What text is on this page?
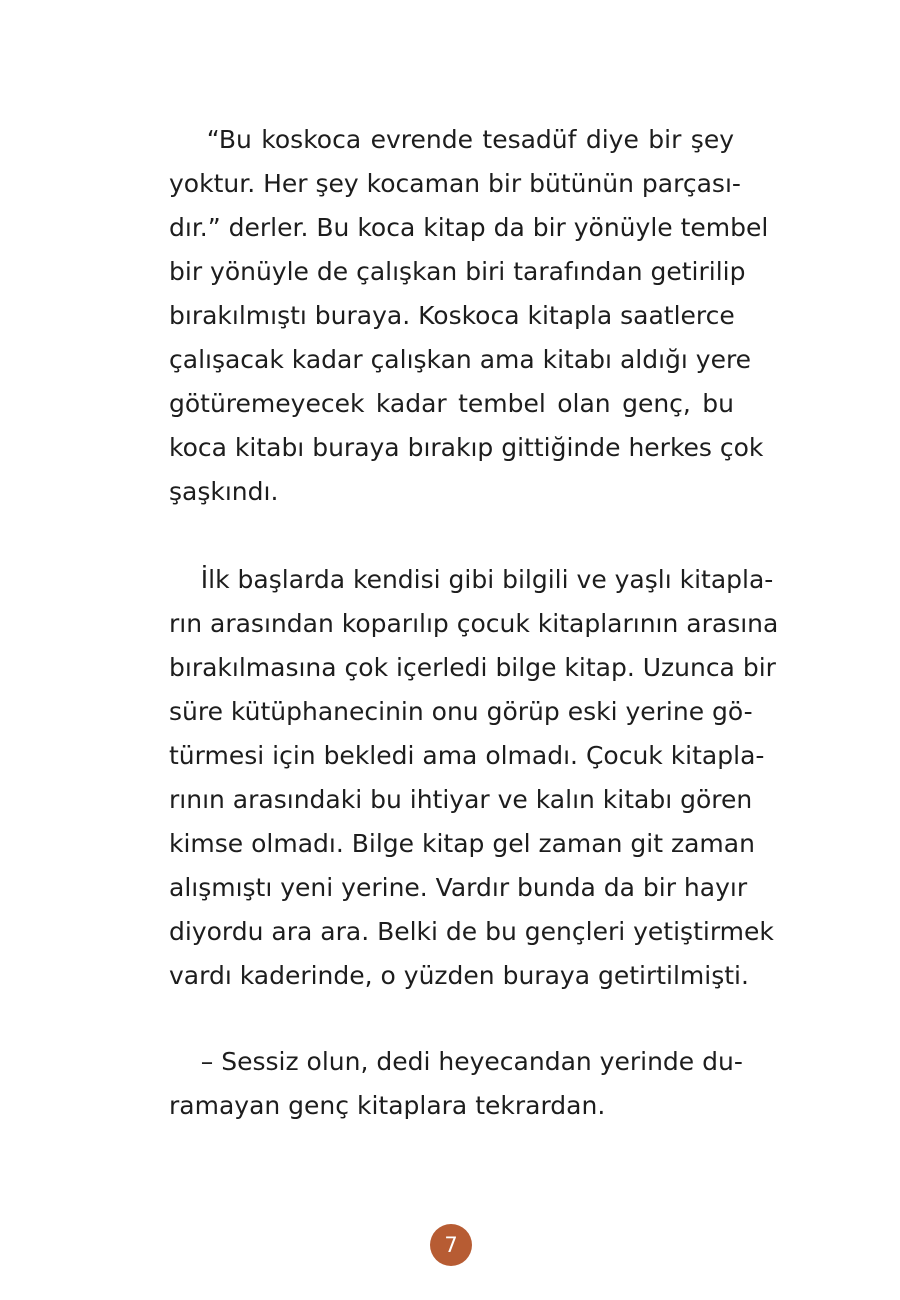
“Bu koskoca evrende tesadüf diye bir şey
yoktur. Her şey kocaman bir bütünün parçası-
dır.” derler. Bu koca kitap da bir yönüyle tembel
bir yönüyle de çalışkan biri tarafından getirilip
bırakılmıştı buraya. Koskoca kitapla saatlerce
çalışacak kadar çalışkan ama kitabı aldığı yere
götüremeyecek kadar tembel olan genç, bu
koca kitabı buraya bırakıp gittiğinde herkes çok
şaşkındı.

İlk başlarda kendisi gibi bilgili ve yaşlı kitapla-
rın arasından koparılıp çocuk kitaplarının arasına
bırakılmasına çok içerledi bilge kitap. Uzunca bir
süre kütüphanecinin onu görüp eski yerine gö-
türmesi için bekledi ama olmadı. Çocuk kitapla-
rının arasındaki bu ihtiyar ve kalın kitabı gören
kimse olmadı. Bilge kitap gel zaman git zaman
alışmıştı yeni yerine. Vardır bunda da bir hayır
diyordu ara ara. Belki de bu gençleri yetiştirmek
vardı kaderinde, o yüzden buraya getirtilmişti.

– Sessiz olun, dedi heyecandan yerinde du-
ramayan genç kitaplara tekrardan.

7
